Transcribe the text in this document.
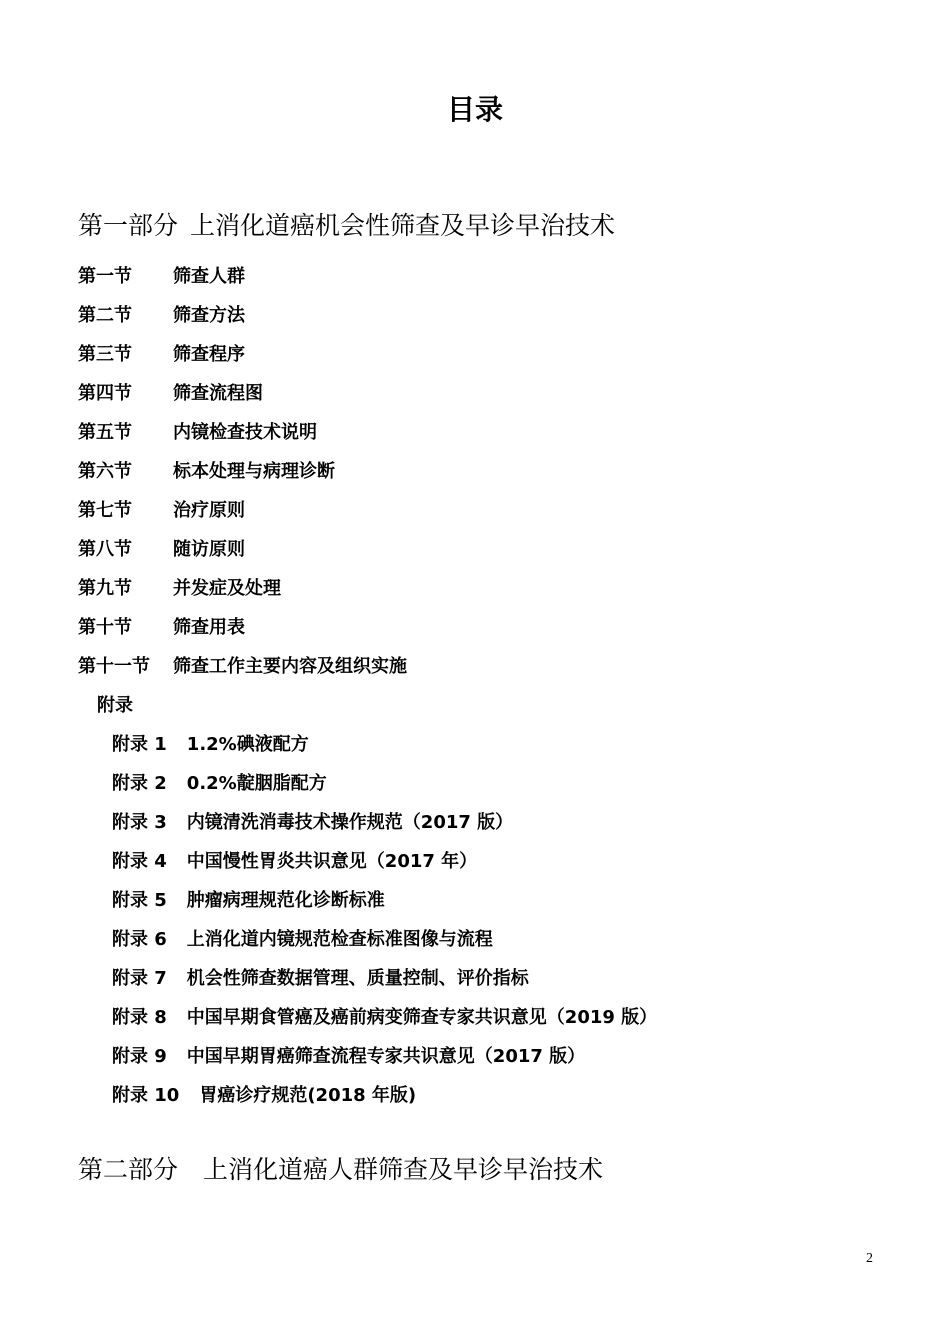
目录
第一部分 上消化道癌机会性筛查及早诊早治技术
第一节 筛查人群
第二节 筛查方法
第三节 筛查程序
第四节 筛查流程图
第五节 内镜检查技术说明
第六节 标本处理与病理诊断
第七节 治疗原则
第八节 随访原则
第九节 并发症及处理
第十节 筛查用表
第十一节 筛查工作主要内容及组织实施
附录
附录 1 1.2%碘液配方
附录 2 0.2%靛胭脂配方
附录 3 内镜清洗消毒技术操作规范（2017 版）
附录 4 中国慢性胃炎共识意见（2017 年）
附录 5 肿瘤病理规范化诊断标准
附录 6 上消化道内镜规范检查标准图像与流程
附录 7 机会性筛查数据管理、质量控制、评价指标
附录 8 中国早期食管癌及癌前病变筛查专家共识意见（2019 版）
附录 9 中国早期胃癌筛查流程专家共识意见（2017 版）
附录 10 胃癌诊疗规范(2018 年版)
第二部分 上消化道癌人群筛查及早诊早治技术
2
